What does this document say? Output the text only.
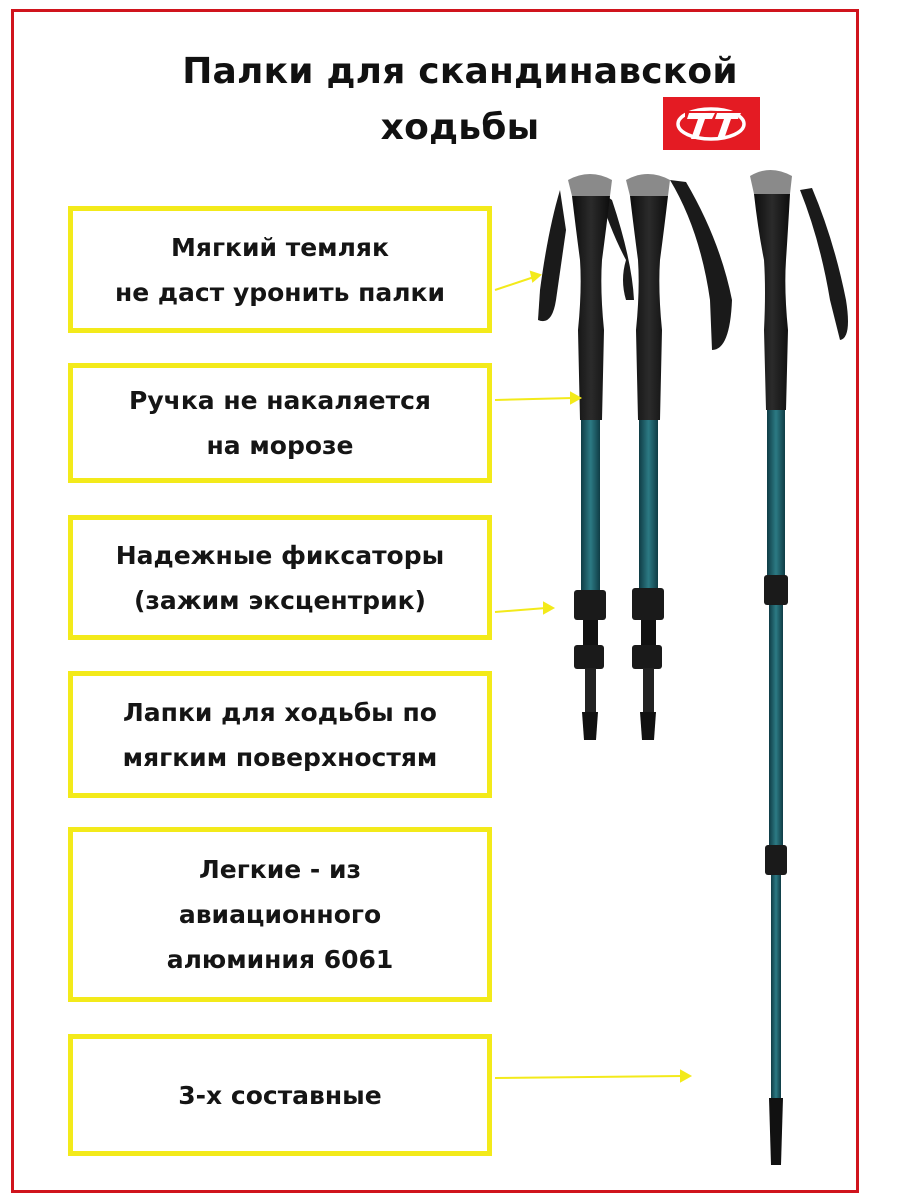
Палки для скандинавской
ходьбы
TT
Мягкий темляк
не даст уронить палки
Ручка не накаляется
на морозе
Надежные фиксаторы
(зажим эксцентрик)
Лапки для ходьбы по
мягким поверхностям
Легкие - из
авиационного
алюминия 6061
3-х составные
